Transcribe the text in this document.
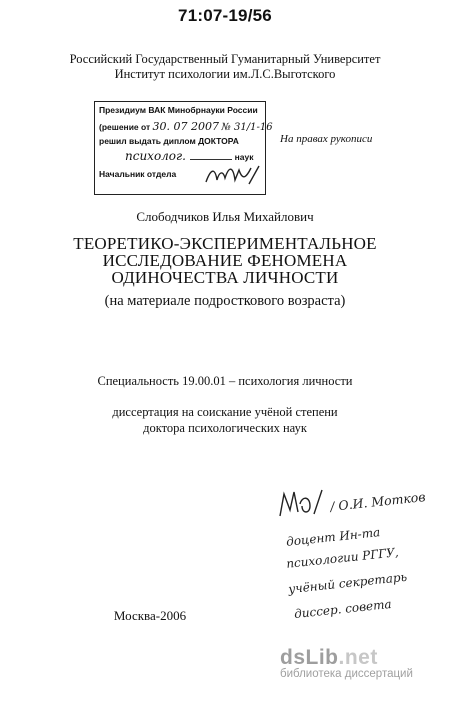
71:07-19/56
Российский Государственный Гуманитарный Университет
Институт психологии им.Л.С.Выготского
Президиум ВАК Минобрнауки России
(решение от 30. 07 2007 № 31/1-16
решил выдать диплом ДОКТОРА
психолог.	наук
Начальник отдела
На правах рукописи
Слободчиков Илья Михайлович
ТЕОРЕТИКО-ЭКСПЕРИМЕНТАЛЬНОЕ
ИССЛЕДОВАНИЕ ФЕНОМЕНА
ОДИНОЧЕСТВА ЛИЧНОСТИ
(на материале подросткового возраста)
Специальность 19.00.01 – психология личности
диссертация на соискание учёной степени
доктора психологических наук
/ О.И. Мотков
доцент Ин-та
психологии РГГУ,
учёный секретарь
диссер. совета
Москва-2006
dsLib.net
библиотека диссертаций
